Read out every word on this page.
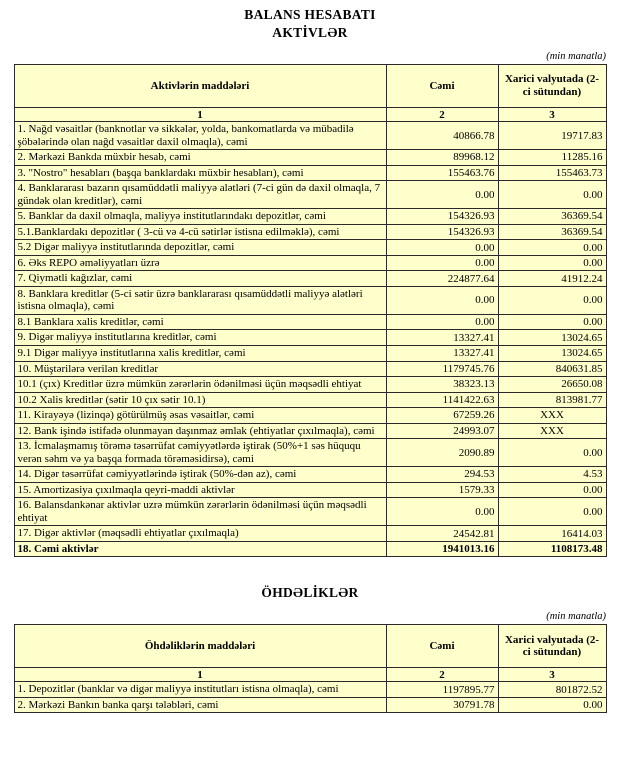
BALANS HESABATI
AKTİVLƏR
(min manatla)
Aktivlərin maddələri	Cəmi	Xarici valyutada (2-ci sütundan)
1	2	3
1. Nağd vəsaitlər (banknotlar və sikkələr, yolda, bankomatlarda və mübadilə şöbələrində olan nağd vəsaitlər daxil olmaqla), cəmi	40866.78	19717.83
2. Mərkəzi Bankda müxbir hesab, cəmi	89968.12	11285.16
3. "Nostro" hesabları (başqa banklardakı müxbir hesabları), cəmi	155463.76	155463.73
4. Banklararası bazarın qısamüddətli maliyyə alətləri (7-ci gün də daxil olmaqla, 7 gündək olan kreditlər), cəmi	0.00	0.00
5. Banklar da daxil olmaqla, maliyyə institutlarındakı depozitlər, cəmi	154326.93	36369.54
5.1.Banklardakı depozitlər ( 3-cü və 4-cü sətirlər istisna edilməklə), cəmi	154326.93	36369.54
5.2 Digər maliyyə institutlarında depozitlər, cəmi	0.00	0.00
6. Əks REPO əməliyyatları üzrə	0.00	0.00
7. Qiymətli kağızlar, cəmi	224877.64	41912.24
8. Banklara kreditlər (5-ci sətir üzrə banklararası qısamüddətli maliyyə alətləri istisna olmaqla), cəmi	0.00	0.00
8.1 Banklara xalis kreditlər, cəmi	0.00	0.00
9. Digər maliyyə institutlarına kreditlər, cəmi	13327.41	13024.65
9.1 Digər maliyyə institutlarına xalis kreditlər, cəmi	13327.41	13024.65
10. Müştərilərə verilən kreditlər	1179745.76	840631.85
10.1 (çıx) Kreditlər üzrə mümkün zərərlərin ödənilməsi üçün məqsədli ehtiyat	38323.13	26650.08
10.2 Xalis kreditlər (sətir 10 çıx sətir 10.1)	1141422.63	813981.77
11. Kirayəyə (lizinqə) götürülmüş əsas vəsaitlər, cəmi	67259.26	XXX
12. Bank işində istifadə olunmayan daşınmaz əmlak (ehtiyatlar çıxılmaqla), cəmi	24993.07	XXX
13. İcmalaşmamış törəmə təsərrüfat cəmiyyətlərdə iştirak (50%+1 səs hüququ verən səhm və ya başqa formada törəməsidirsə), cəmi	2090.89	0.00
14. Digər təsərrüfat cəmiyyətlərində iştirak (50%-dən az), cəmi	294.53	4.53
15. Amortizasiya çıxılmaqla qeyri-maddi aktivlər	1579.33	0.00
16. Balansdankənar aktivlər uzrə mümkün zərərlərin ödənilməsi üçün məqsədli ehtiyat	0.00	0.00
17. Digər aktivlər (məqsədli ehtiyatlar çıxılmaqla)	24542.81	16414.03
18. Cəmi aktivlər	1941013.16	1108173.48
ÖHDƏLİKLƏR
(min manatla)
Öhdəliklərin maddələri	Cəmi	Xarici valyutada (2-ci sütundan)
1	2	3
1. Depozitlər (banklar və digər maliyyə institutları istisna olmaqla), cəmi	1197895.77	801872.52
2. Mərkəzi Bankın banka qarşı tələbləri, cəmi	30791.78	0.00
